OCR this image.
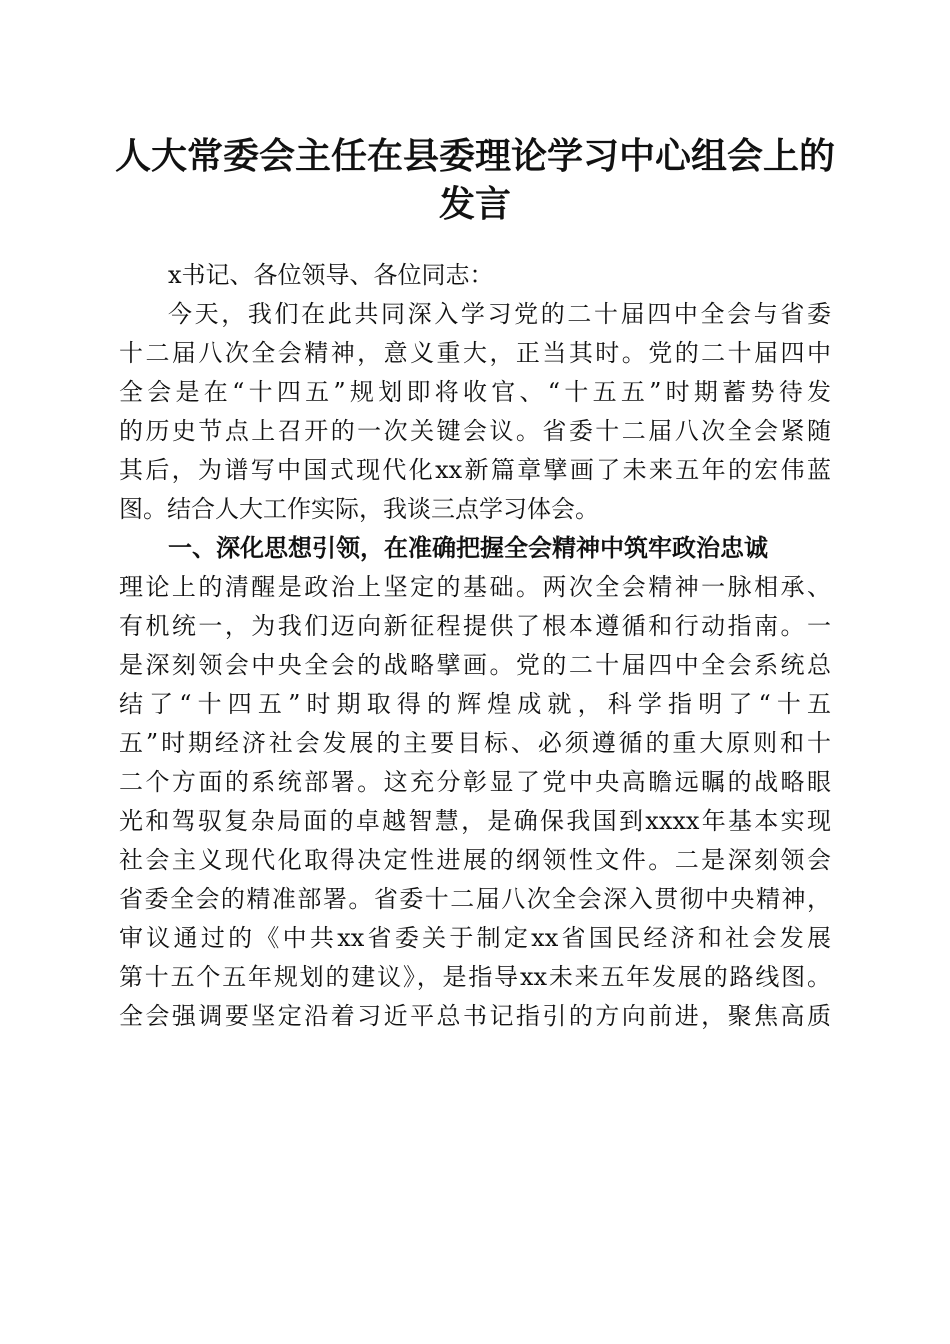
人大常委会主任在县委理论学习中心组会上的
发言
x书记、各位领导、各位同志：
今天，我们在此共同深入学习党的二十届四中全会与省委
十二届八次全会精神，意义重大，正当其时。党的二十届四中
全会是在“十四五”规划即将收官、“十五五”时期蓄势待发
的历史节点上召开的一次关键会议。省委十二届八次全会紧随
其后，为谱写中国式现代化xx新篇章擘画了未来五年的宏伟蓝
图。结合人大工作实际，我谈三点学习体会。
一、深化思想引领，在准确把握全会精神中筑牢政治忠诚
理论上的清醒是政治上坚定的基础。两次全会精神一脉相承、
有机统一，为我们迈向新征程提供了根本遵循和行动指南。一
是深刻领会中央全会的战略擘画。党的二十届四中全会系统总
结了“十四五”时期取得的辉煌成就，科学指明了“十五
五”时期经济社会发展的主要目标、必须遵循的重大原则和十
二个方面的系统部署。这充分彰显了党中央高瞻远瞩的战略眼
光和驾驭复杂局面的卓越智慧，是确保我国到xxxx年基本实现
社会主义现代化取得决定性进展的纲领性文件。二是深刻领会
省委全会的精准部署。省委十二届八次全会深入贯彻中央精神，
审议通过的《中共xx省委关于制定xx省国民经济和社会发展
第十五个五年规划的建议》，是指导xx未来五年发展的路线图。
全会强调要坚定沿着习近平总书记指引的方向前进，聚焦高质
